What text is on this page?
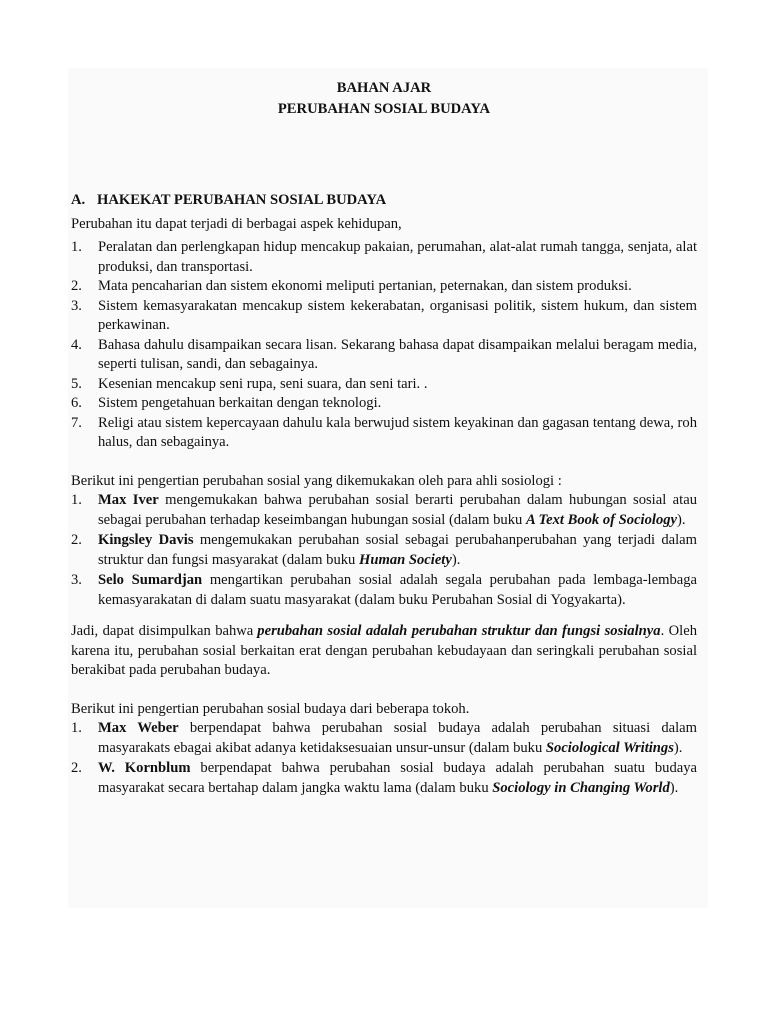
BAHAN AJAR
PERUBAHAN SOSIAL BUDAYA
A. HAKEKAT PERUBAHAN SOSIAL BUDAYA

Perubahan itu dapat terjadi di berbagai aspek kehidupan,

1. Peralatan dan perlengkapan hidup mencakup pakaian, perumahan, alat-alat rumah tangga, senjata, alat produksi, dan transportasi.
2. Mata pencaharian dan sistem ekonomi meliputi pertanian, peternakan, dan sistem produksi.
3. Sistem kemasyarakatan mencakup sistem kekerabatan, organisasi politik, sistem hukum, dan sistem perkawinan.
4. Bahasa dahulu disampaikan secara lisan. Sekarang bahasa dapat disampaikan melalui beragam media, seperti tulisan, sandi, dan sebagainya.
5. Kesenian mencakup seni rupa, seni suara, dan seni tari. .
6. Sistem pengetahuan berkaitan dengan teknologi.
7. Religi atau sistem kepercayaan dahulu kala berwujud sistem keyakinan dan gagasan tentang dewa, roh halus, dan sebagainya.

Berikut ini pengertian perubahan sosial yang dikemukakan oleh para ahli sosiologi :

1. Max Iver mengemukakan bahwa perubahan sosial berarti perubahan dalam hubungan sosial atau sebagai perubahan terhadap keseimbangan hubungan sosial (dalam buku A Text Book of Sociology).
2. Kingsley Davis mengemukakan perubahan sosial sebagai perubahanperubahan yang terjadi dalam struktur dan fungsi masyarakat (dalam buku Human Society).
3. Selo Sumardjan mengartikan perubahan sosial adalah segala perubahan pada lembaga-lembaga kemasyarakatan di dalam suatu masyarakat (dalam buku Perubahan Sosial di Yogyakarta).

Jadi, dapat disimpulkan bahwa perubahan sosial adalah perubahan struktur dan fungsi sosialnya. Oleh karena itu, perubahan sosial berkaitan erat dengan perubahan kebudayaan dan seringkali perubahan sosial berakibat pada perubahan budaya.

Berikut ini pengertian perubahan sosial budaya dari beberapa tokoh.

1. Max Weber berpendapat bahwa perubahan sosial budaya adalah perubahan situasi dalam masyarakats ebagai akibat adanya ketidaksesuaian unsur-unsur (dalam buku Sociological Writings).
2. W. Kornblum berpendapat bahwa perubahan sosial budaya adalah perubahan suatu budaya masyarakat secara bertahap dalam jangka waktu lama (dalam buku Sociology in Changing World).
